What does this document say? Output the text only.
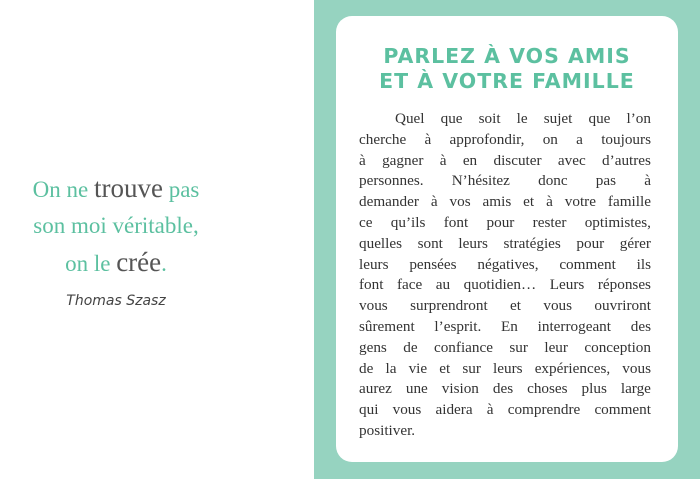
On ne trouve pas
son moi véritable,
on le crée.
Thomas Szasz
PARLEZ À VOS AMIS
ET À VOTRE FAMILLE
Quel que soit le sujet que l’on
cherche à approfondir, on a toujours
à gagner à en discuter avec d’autres
personnes. N’hésitez donc pas à
demander à vos amis et à votre famille
ce qu’ils font pour rester optimistes,
quelles sont leurs stratégies pour gérer
leurs pensées négatives, comment ils
font face au quotidien… Leurs réponses
vous surprendront et vous ouvriront
sûrement l’esprit. En interrogeant des
gens de confiance sur leur conception
de la vie et sur leurs expériences, vous
aurez une vision des choses plus large
qui vous aidera à comprendre comment
positiver.
